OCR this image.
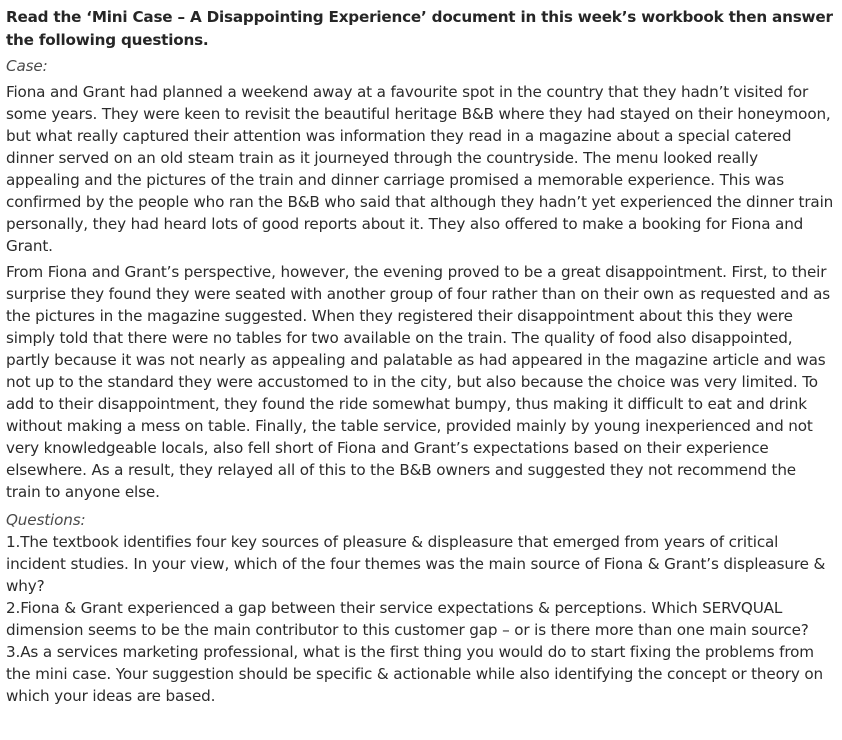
Read the ‘Mini Case – A Disappointing Experience’ document in this week’s workbook then answer the following questions.

Case:

Fiona and Grant had planned a weekend away at a favourite spot in the country that they hadn’t visited for some years. They were keen to revisit the beautiful heritage B&B where they had stayed on their honeymoon, but what really captured their attention was information they read in a magazine about a special catered dinner served on an old steam train as it journeyed through the countryside. The menu looked really appealing and the pictures of the train and dinner carriage promised a memorable experience. This was confirmed by the people who ran the B&B who said that although they hadn’t yet experienced the dinner train personally, they had heard lots of good reports about it. They also offered to make a booking for Fiona and Grant.

From Fiona and Grant’s perspective, however, the evening proved to be a great disappointment. First, to their surprise they found they were seated with another group of four rather than on their own as requested and as the pictures in the magazine suggested. When they registered their disappointment about this they were simply told that there were no tables for two available on the train. The quality of food also disappointed, partly because it was not nearly as appealing and palatable as had appeared in the magazine article and was not up to the standard they were accustomed to in the city, but also because the choice was very limited. To add to their disappointment, they found the ride somewhat bumpy, thus making it difficult to eat and drink without making a mess on table. Finally, the table service, provided mainly by young inexperienced and not very knowledgeable locals, also fell short of Fiona and Grant’s expectations based on their experience elsewhere. As a result, they relayed all of this to the B&B owners and suggested they not recommend the train to anyone else.

Questions:

1.The textbook identifies four key sources of pleasure & displeasure that emerged from years of critical incident studies. In your view, which of the four themes was the main source of Fiona & Grant’s displeasure & why?

2.Fiona & Grant experienced a gap between their service expectations & perceptions. Which SERVQUAL dimension seems to be the main contributor to this customer gap – or is there more than one main source?

3.As a services marketing professional, what is the first thing you would do to start fixing the problems from the mini case. Your suggestion should be specific & actionable while also identifying the concept or theory on which your ideas are based.
